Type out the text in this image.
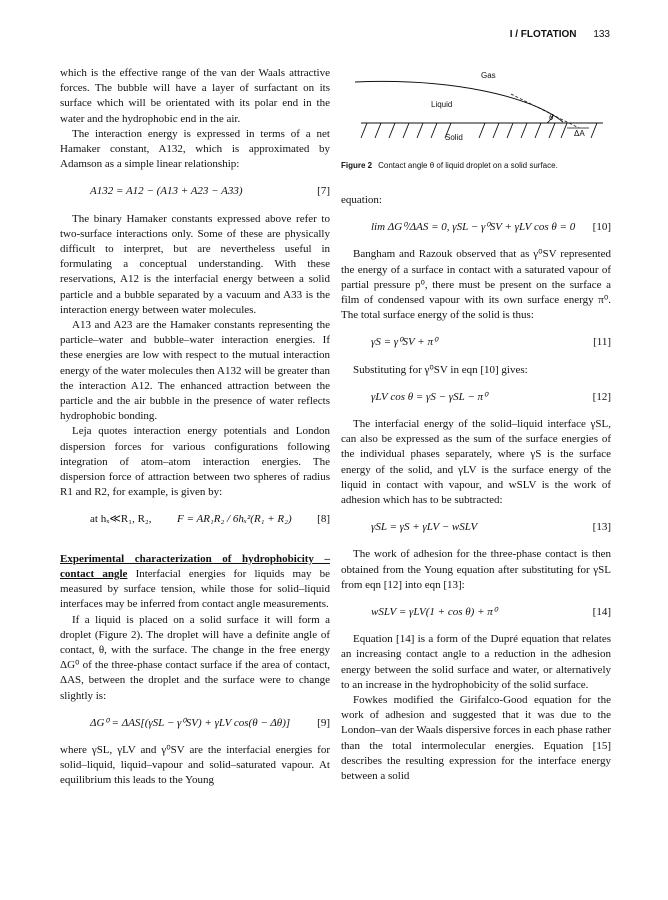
I / FLOTATION 133

which is the effective range of the van der Waals attractive forces. The bubble will have a layer of surfactant on its surface which will be orientated with its polar end in the water and the hydrophobic end in the air.

The interaction energy is expressed in terms of a net Hamaker constant, A132, which is approximated by Adamson as a simple linear relationship:

A132 = A12 − (A13 + A23 − A33)	[7]

The binary Hamaker constants expressed above refer to two-surface interactions only. Some of these are physically difficult to interpret, but are nevertheless useful in formulating a conceptual understanding. With these reservations, A12 is the interfacial energy between a solid particle and a bubble separated by a vacuum and A33 is the interaction energy between water molecules.

A13 and A23 are the Hamaker constants representing the particle–water and bubble–water interaction energies. If these energies are low with respect to the mutual interaction energy of the water molecules then A132 will be greater than the interaction A12. The enhanced attraction between the particle and the air bubble in the presence of water reflects hydrophobic bonding.

Leja quotes interaction energy potentials and London dispersion forces for various configurations following integration of atom–atom interaction energies. The dispersion force of attraction between two spheres of radius R1 and R2, for example, is given by:

at hₓ≪R₁, R₂, F = AR₁R₂ / 6hₓ²(R₁ + R₂) [8]

Experimental characterization of hydrophobicity – contact angle Interfacial energies for liquids may be measured by surface tension, while those for solid–liquid interfaces may be inferred from contact angle measurements.

If a liquid is placed on a solid surface it will form a droplet (Figure 2). The droplet will have a definite angle of contact, θ, with the surface. The change in the free energy ΔG⁰ of the three-phase contact surface if the area of contact, ΔAS, between the droplet and the surface were to change slightly is:

ΔG⁰ = ΔAS[(γSL − γ⁰SV) + γLV cos(θ − Δθ)] [9]

where γSL, γLV and γ⁰SV are the interfacial energies for solid–liquid, liquid–vapour and solid–saturated vapour. At equilibrium this leads to the Young

Gas
Liquid
Solid
θ
ΔA
Figure 2 Contact angle θ of liquid droplet on a solid surface.

equation:

lim ΔG⁰/ΔAS = 0, γSL − γ⁰SV + γLV cos θ = 0 [10]

Bangham and Razouk observed that as γ⁰SV represented the energy of a surface in contact with a saturated vapour of partial pressure p⁰, there must be present on the surface a film of condensed vapour with its own surface energy π⁰. The total surface energy of the solid is thus:

γS = γ⁰SV + π⁰	[11]

Substituting for γ⁰SV in eqn [10] gives:

γLV cos θ = γS − γSL − π⁰	[12]

The interfacial energy of the solid–liquid interface γSL, can also be expressed as the sum of the surface energies of the individual phases separately, where γS is the surface energy of the solid, and γLV is the surface energy of the liquid in contact with vapour, and wSLV is the work of adhesion which has to be subtracted:

γSL = γS + γLV − wSLV	[13]

The work of adhesion for the three-phase contact is then obtained from the Young equation after substituting for γSL from eqn [12] into eqn [13]:

wSLV = γLV(1 + cos θ) + π⁰	[14]

Equation [14] is a form of the Dupré equation that relates an increasing contact angle to a reduction in the adhesion energy between the solid surface and water, or alternatively to an increase in the hydrophobicity of the solid surface.

Fowkes modified the Girifalco-Good equation for the work of adhesion and suggested that it was due to the London–van der Waals dispersive forces in each phase rather than the total intermolecular energies. Equation [15] describes the resulting expression for the interface energy between a solid
